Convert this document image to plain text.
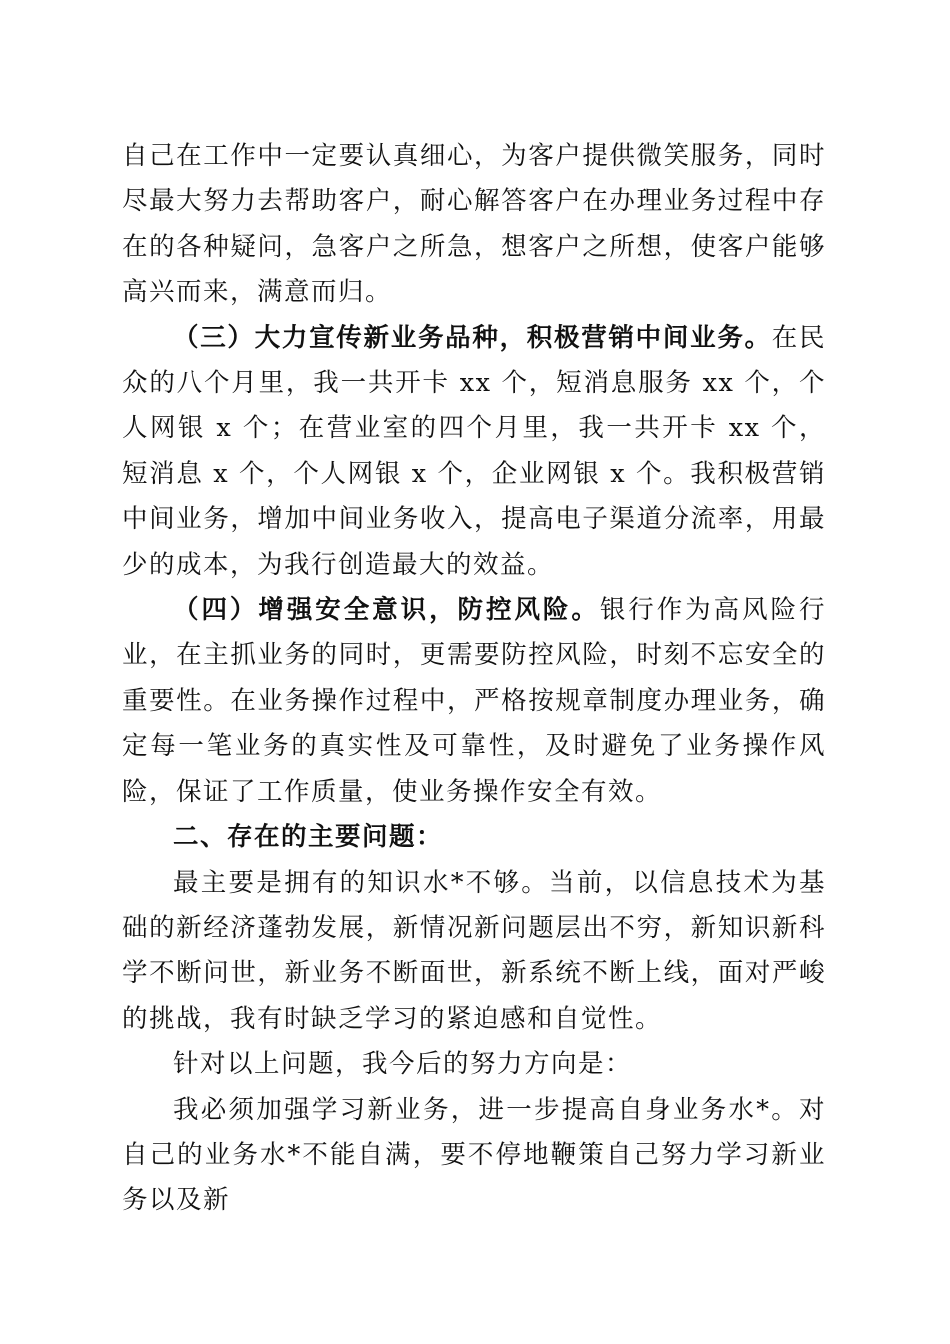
自己在工作中一定要认真细心，为客户提供微笑服务，同时尽最大努力去帮助客户，耐心解答客户在办理业务过程中存在的各种疑问，急客户之所急，想客户之所想，使客户能够高兴而来，满意而归。

（三）大力宣传新业务品种，积极营销中间业务。在民众的八个月里，我一共开卡 xx 个，短消息服务 xx 个，个人网银 x 个；在营业室的四个月里，我一共开卡 xx 个，短消息 x 个，个人网银 x 个，企业网银 x 个。我积极营销中间业务，增加中间业务收入，提高电子渠道分流率，用最少的成本，为我行创造最大的效益。

（四）增强安全意识，防控风险。银行作为高风险行业，在主抓业务的同时，更需要防控风险，时刻不忘安全的重要性。在业务操作过程中，严格按规章制度办理业务，确定每一笔业务的真实性及可靠性，及时避免了业务操作风险，保证了工作质量，使业务操作安全有效。

二、存在的主要问题：

最主要是拥有的知识水*不够。当前，以信息技术为基础的新经济蓬勃发展，新情况新问题层出不穷，新知识新科学不断问世，新业务不断面世，新系统不断上线，面对严峻的挑战，我有时缺乏学习的紧迫感和自觉性。

针对以上问题，我今后的努力方向是：

我必须加强学习新业务，进一步提高自身业务水*。对自己的业务水*不能自满，要不停地鞭策自己努力学习新业务以及新
